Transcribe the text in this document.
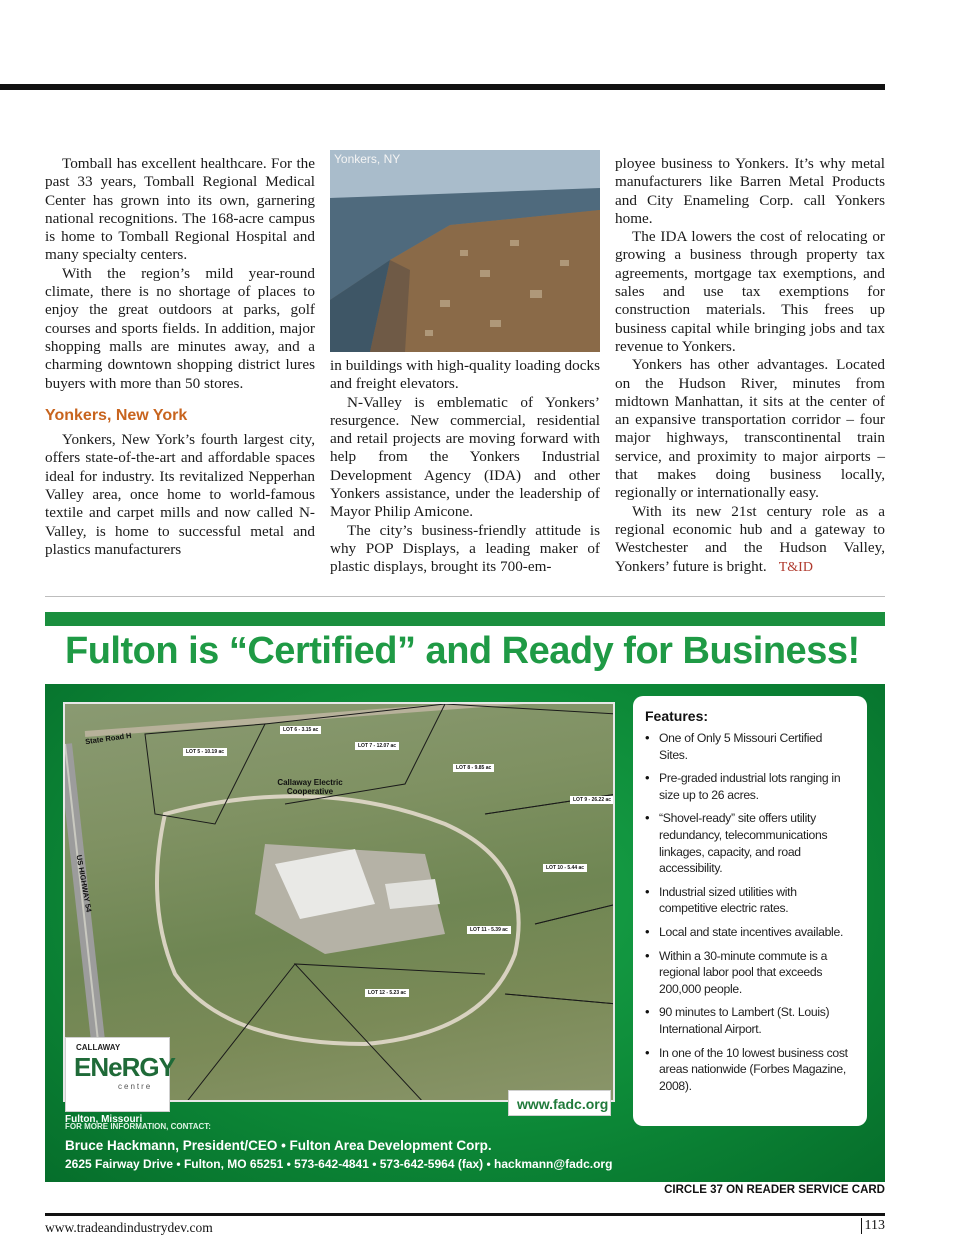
Tomball has excellent healthcare. For the past 33 years, Tomball Regional Medical Center has grown into its own, garnering national recognitions. The 168-acre campus is home to Tomball Regional Hospital and many specialty centers.

With the region’s mild year-round climate, there is no shortage of places to enjoy the great outdoors at parks, golf courses and sports fields. In addition, major shopping malls are minutes away, and a charming downtown shopping district lures buyers with more than 50 stores.

Yonkers, New York

Yonkers, New York’s fourth largest city, offers state-of-the-art and affordable spaces ideal for industry. Its revitalized Nepperhan Valley area, once home to world-famous textile and carpet mills and now called N-Valley, is home to successful metal and plastics manufacturers

Yonkers, NY

in buildings with high-quality loading docks and freight elevators.

N-Valley is emblematic of Yonkers’ resurgence. New commercial, residential and retail projects are moving forward with help from the Yonkers Industrial Development Agency (IDA) and other Yonkers assistance, under the leadership of Mayor Philip Amicone.

The city’s business-friendly attitude is why POP Displays, a leading maker of plastic displays, brought its 700-em-

ployee business to Yonkers. It’s why metal manufacturers like Barren Metal Products and City Enameling Corp. call Yonkers home.

The IDA lowers the cost of relocating or growing a business through property tax agreements, mortgage tax exemptions, and sales and use tax exemptions for construction materials. This frees up business capital while bringing jobs and tax revenue to Yonkers.

Yonkers has other advantages. Located on the Hudson River, minutes from midtown Manhattan, it sits at the center of an expansive transportation corridor – four major highways, transcontinental train service, and proximity to major airports – that makes doing business locally, regionally or internationally easy.

With its new 21st century role as a regional economic hub and a gateway to Westchester and the Hudson Valley, Yonkers’ future is bright. T&ID

Fulton is “Certified” and Ready for Business!
State Road H
US HIGHWAY 54
Callaway Electric Cooperative
LOT 5 - 10.19 ac
LOT 6 - 3.15 ac
LOT 7 - 12.07 ac
LOT 8 - 9.85 ac
LOT 9 - 26.22 ac
LOT 10 - 5.44 ac
LOT 11 - 5.39 ac
LOT 12 - 5.23 ac
CALLAWAY
ENeRGY
centre
Fulton, Missouri
www.fadc.org
Features:
• One of Only 5 Missouri Certified Sites.
• Pre-graded industrial lots ranging in size up to 26 acres.
• “Shovel-ready” site offers utility redundancy, telecommunications linkages, capacity, and road accessibility.
• Industrial sized utilities with competitive electric rates.
• Local and state incentives available.
• Within a 30-minute commute is a regional labor pool that exceeds 200,000 people.
• 90 minutes to Lambert (St. Louis) International Airport.
• In one of the 10 lowest business cost areas nationwide (Forbes Magazine, 2008).
FOR MORE INFORMATION, CONTACT:
Bruce Hackmann, President/CEO • Fulton Area Development Corp.
2625 Fairway Drive • Fulton, MO 65251 • 573-642-4841 • 573-642-5964 (fax) • hackmann@fadc.org
CIRCLE 37 ON READER SERVICE CARD
www.tradeandindustrydev.com	113
